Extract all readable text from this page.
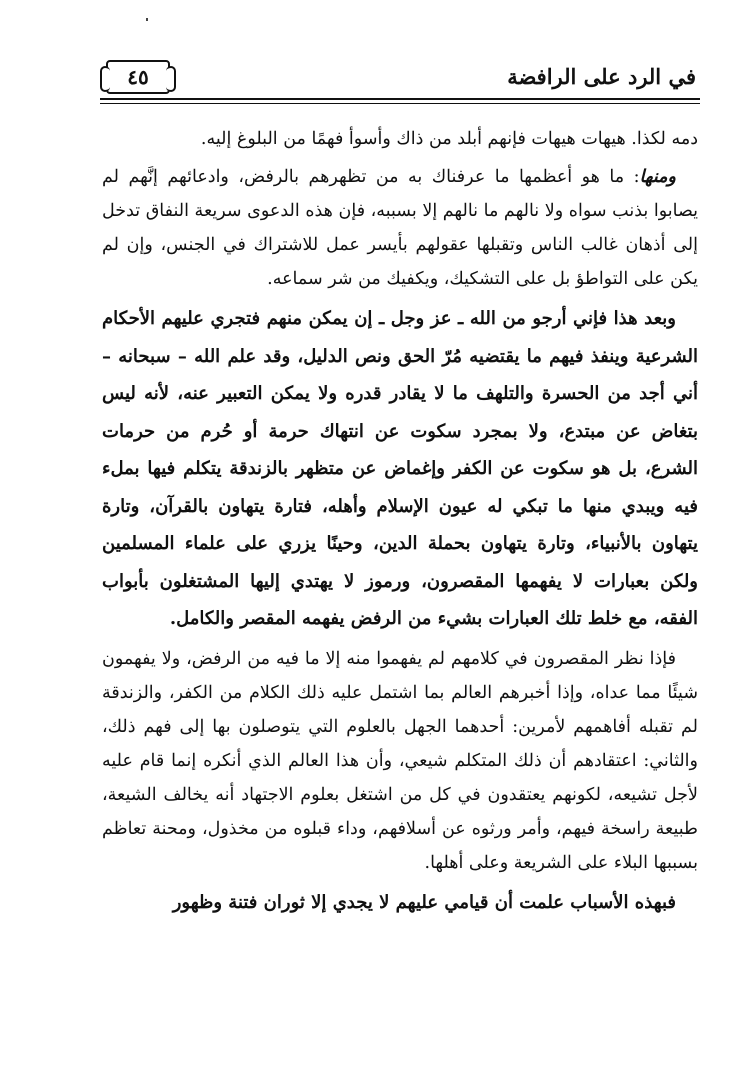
٤٥	في الرد على الرافضة

دمه لكذا. هيهات هيهات فإنهم أبلد من ذاك وأسوأ فهمًا من البلوغ إليه.

ومنها: ما هو أعظمها ما عرفناك به من تظهرهم بالرفض، وادعائهم إنَّهم لم يصابوا بذنب سواه ولا نالهم ما نالهم إلا بسببه، فإن هذه الدعوى سريعة النفاق تدخل إلى أذهان غالب الناس وتقبلها عقولهم بأيسر عمل للاشتراك في الجنس، وإن لم يكن على التواطؤ بل على التشكيك، ويكفيك من شر سماعه.

وبعد هذا فإني أرجو من الله ـ عز وجل ـ إن يمكن منهم فتجري عليهم الأحكام الشرعية وينفذ فيهم ما يقتضيه مُرّ الحق ونص الدليل، وقد علم الله – سبحانه – أني أجد من الحسرة والتلهف ما لا يقادر قدره ولا يمكن التعبير عنه، لأنه ليس بتغاض عن مبتدع، ولا بمجرد سكوت عن انتهاك حرمة أو حُرم من حرمات الشرع، بل هو سكوت عن الكفر وإغماض عن متظهر بالزندقة يتكلم فيها بملء فيه ويبدي منها ما تبكي له عيون الإسلام وأهله، فتارة يتهاون بالقرآن، وتارة يتهاون بالأنبياء، وتارة يتهاون بحملة الدين، وحينًا يزري على علماء المسلمين ولكن بعبارات لا يفهمها المقصرون، ورموز لا يهتدي إليها المشتغلون بأبواب الفقه، مع خلط تلك العبارات بشيء من الرفض يفهمه المقصر والكامل.

فإذا نظر المقصرون في كلامهم لم يفهموا منه إلا ما فيه من الرفض، ولا يفهمون شيئًا مما عداه، وإذا أخبرهم العالم بما اشتمل عليه ذلك الكلام من الكفر، والزندقة لم تقبله أفاهمهم لأمرين: أحدهما الجهل بالعلوم التي يتوصلون بها إلى فهم ذلك، والثاني: اعتقادهم أن ذلك المتكلم شيعي، وأن هذا العالم الذي أنكره إنما قام عليه لأجل تشيعه، لكونهم يعتقدون في كل من اشتغل بعلوم الاجتهاد أنه يخالف الشيعة، طبيعة راسخة فيهم، وأمر ورثوه عن أسلافهم، وداء قبلوه من مخذول، ومحنة تعاظم بسببها البلاء على الشريعة وعلى أهلها.

فبهذه الأسباب علمت أن قيامي عليهم لا يجدي إلا ثوران فتنة وظهور
